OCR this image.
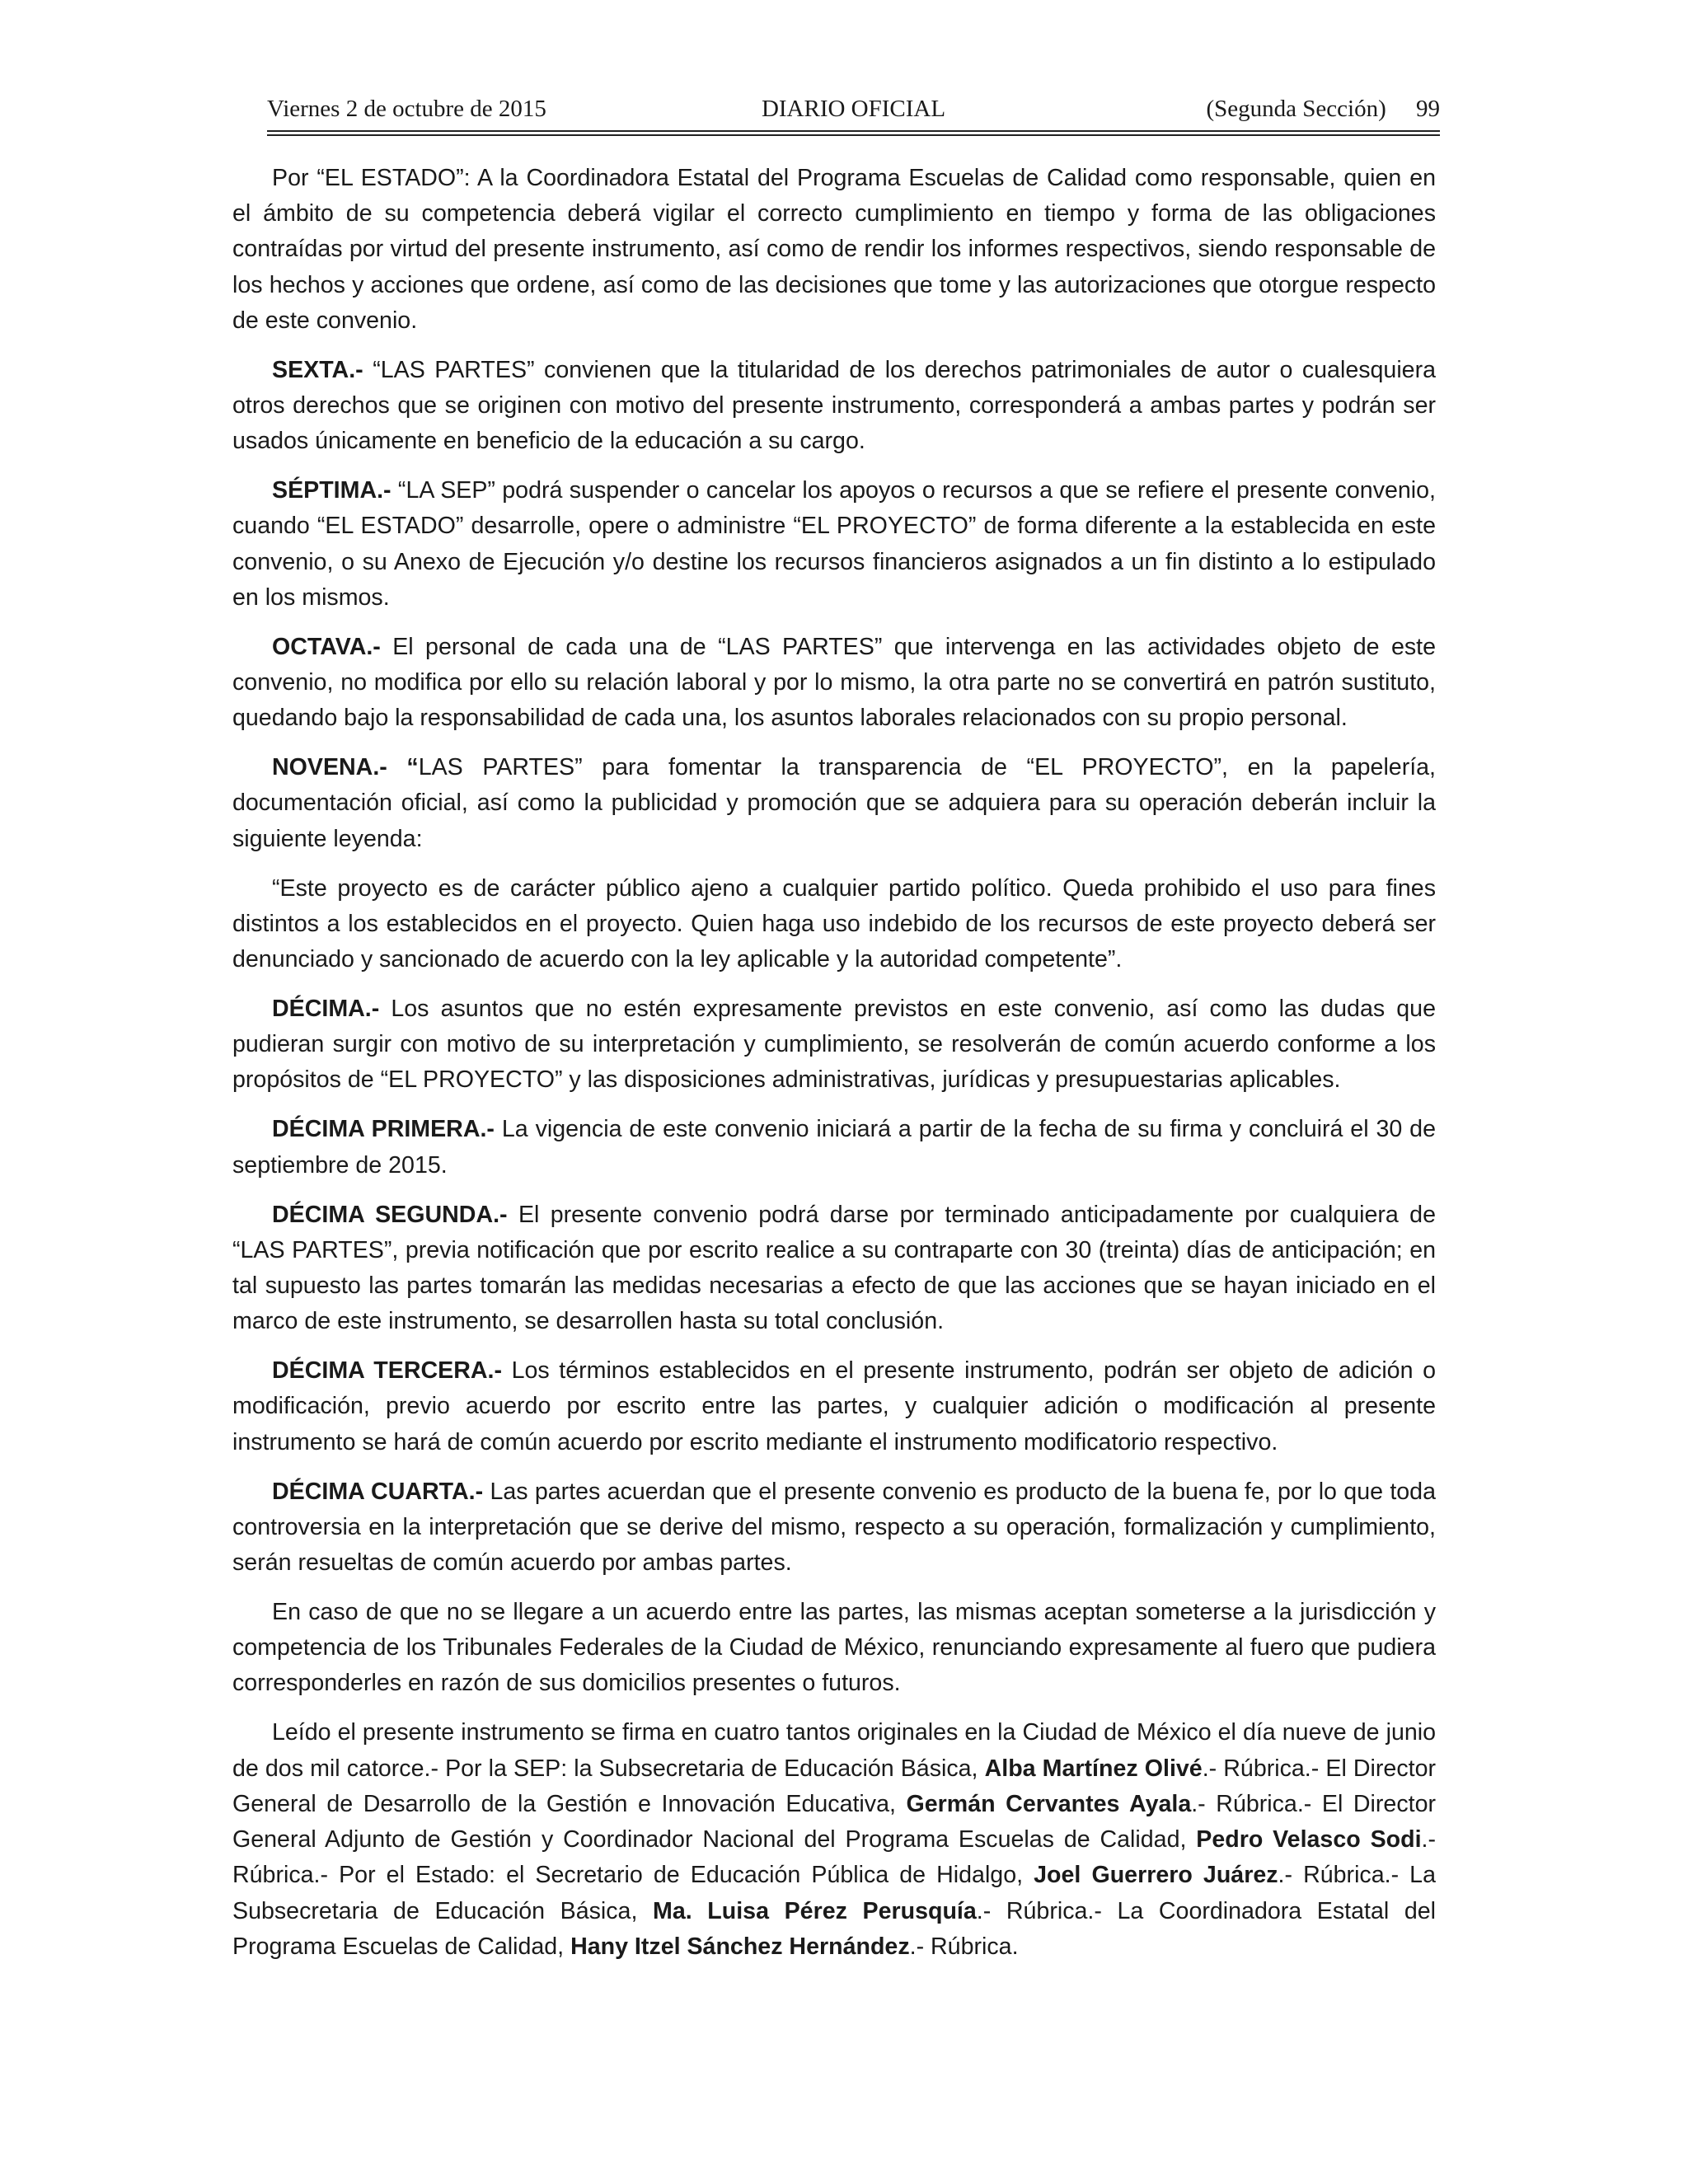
Viernes 2 de octubre de 2015	DIARIO OFICIAL	(Segunda Sección) 99

Por “EL ESTADO”: A la Coordinadora Estatal del Programa Escuelas de Calidad como responsable, quien en el ámbito de su competencia deberá vigilar el correcto cumplimiento en tiempo y forma de las obligaciones contraídas por virtud del presente instrumento, así como de rendir los informes respectivos, siendo responsable de los hechos y acciones que ordene, así como de las decisiones que tome y las autorizaciones que otorgue respecto de este convenio.

SEXTA.- “LAS PARTES” convienen que la titularidad de los derechos patrimoniales de autor o cualesquiera otros derechos que se originen con motivo del presente instrumento, corresponderá a ambas partes y podrán ser usados únicamente en beneficio de la educación a su cargo.

SÉPTIMA.- “LA SEP” podrá suspender o cancelar los apoyos o recursos a que se refiere el presente convenio, cuando “EL ESTADO” desarrolle, opere o administre “EL PROYECTO” de forma diferente a la establecida en este convenio, o su Anexo de Ejecución y/o destine los recursos financieros asignados a un fin distinto a lo estipulado en los mismos.

OCTAVA.- El personal de cada una de “LAS PARTES” que intervenga en las actividades objeto de este convenio, no modifica por ello su relación laboral y por lo mismo, la otra parte no se convertirá en patrón sustituto, quedando bajo la responsabilidad de cada una, los asuntos laborales relacionados con su propio personal.

NOVENA.- “LAS PARTES” para fomentar la transparencia de “EL PROYECTO”, en la papelería, documentación oficial, así como la publicidad y promoción que se adquiera para su operación deberán incluir la siguiente leyenda:

“Este proyecto es de carácter público ajeno a cualquier partido político. Queda prohibido el uso para fines distintos a los establecidos en el proyecto. Quien haga uso indebido de los recursos de este proyecto deberá ser denunciado y sancionado de acuerdo con la ley aplicable y la autoridad competente”.

DÉCIMA.- Los asuntos que no estén expresamente previstos en este convenio, así como las dudas que pudieran surgir con motivo de su interpretación y cumplimiento, se resolverán de común acuerdo conforme a los propósitos de “EL PROYECTO” y las disposiciones administrativas, jurídicas y presupuestarias aplicables.

DÉCIMA PRIMERA.- La vigencia de este convenio iniciará a partir de la fecha de su firma y concluirá el 30 de septiembre de 2015.

DÉCIMA SEGUNDA.- El presente convenio podrá darse por terminado anticipadamente por cualquiera de “LAS PARTES”, previa notificación que por escrito realice a su contraparte con 30 (treinta) días de anticipación; en tal supuesto las partes tomarán las medidas necesarias a efecto de que las acciones que se hayan iniciado en el marco de este instrumento, se desarrollen hasta su total conclusión.

DÉCIMA TERCERA.- Los términos establecidos en el presente instrumento, podrán ser objeto de adición o modificación, previo acuerdo por escrito entre las partes, y cualquier adición o modificación al presente instrumento se hará de común acuerdo por escrito mediante el instrumento modificatorio respectivo.

DÉCIMA CUARTA.- Las partes acuerdan que el presente convenio es producto de la buena fe, por lo que toda controversia en la interpretación que se derive del mismo, respecto a su operación, formalización y cumplimiento, serán resueltas de común acuerdo por ambas partes.

En caso de que no se llegare a un acuerdo entre las partes, las mismas aceptan someterse a la jurisdicción y competencia de los Tribunales Federales de la Ciudad de México, renunciando expresamente al fuero que pudiera corresponderles en razón de sus domicilios presentes o futuros.

Leído el presente instrumento se firma en cuatro tantos originales en la Ciudad de México el día nueve de junio de dos mil catorce.- Por la SEP: la Subsecretaria de Educación Básica, Alba Martínez Olivé.- Rúbrica.- El Director General de Desarrollo de la Gestión e Innovación Educativa, Germán Cervantes Ayala.- Rúbrica.- El Director General Adjunto de Gestión y Coordinador Nacional del Programa Escuelas de Calidad, Pedro Velasco Sodi.- Rúbrica.- Por el Estado: el Secretario de Educación Pública de Hidalgo, Joel Guerrero Juárez.- Rúbrica.- La Subsecretaria de Educación Básica, Ma. Luisa Pérez Perusquía.- Rúbrica.- La Coordinadora Estatal del Programa Escuelas de Calidad, Hany Itzel Sánchez Hernández.- Rúbrica.
